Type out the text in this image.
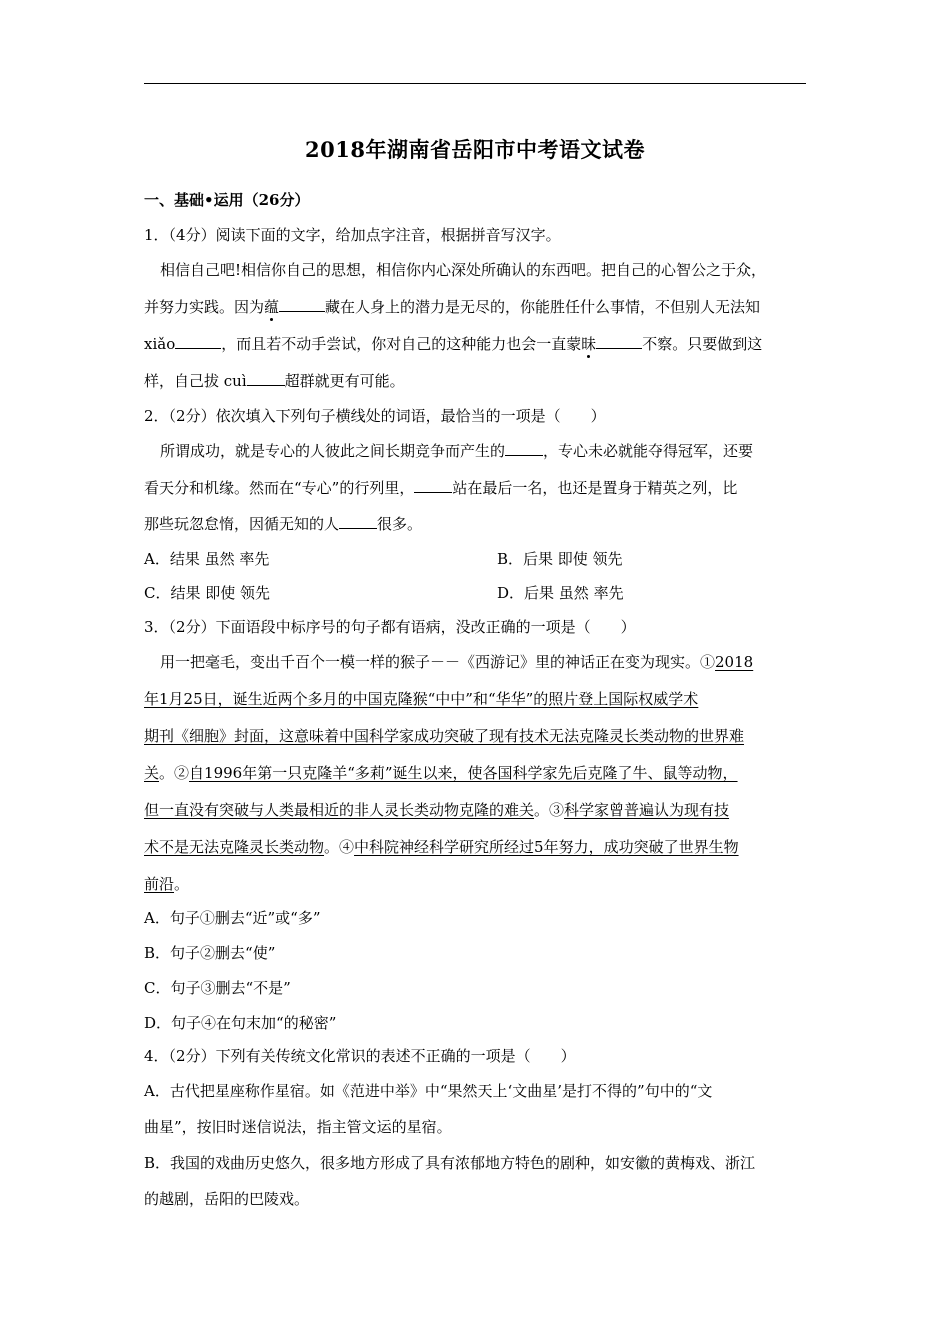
2018年湖南省岳阳市中考语文试卷
一、基础•运用（26分）
1．（4分）阅读下面的文字，给加点字注音，根据拼音写汉字。
相信自己吧!相信你自己的思想，相信你内心深处所确认的东西吧。把自己的心智公之于众，
并努力实践。因为蕴	藏在人身上的潜力是无尽的，你能胜任什么事情，不但别人无法知
xiǎo	，而且若不动手尝试，你对自己的这种能力也会一直蒙昧	不察。只要做到这
样，自己拔 cuì	超群就更有可能。
2．（2分）依次填入下列句子横线处的词语，最恰当的一项是（　　）
所谓成功，就是专心的人彼此之间长期竞争而产生的	，专心未必就能夺得冠军，还要
看天分和机缘。然而在“专心”的行列里，	站在最后一名，也还是置身于精英之列，比
那些玩忽怠惰，因循无知的人	很多。
A．结果 虽然 率先	B．后果 即使 领先
C．结果 即使 领先	D．后果 虽然 率先
3．（2分）下面语段中标序号的句子都有语病，没改正确的一项是（　　）
用一把毫毛，变出千百个一模一样的猴子－－《西游记》里的神话正在变为现实。①2018
年1月25日，诞生近两个多月的中国克隆猴“中中”和“华华”的照片登上国际权威学术
期刊《细胞》封面，这意味着中国科学家成功突破了现有技术无法克隆灵长类动物的世界难
关。②自1996年第一只克隆羊“多莉”诞生以来，使各国科学家先后克隆了牛、鼠等动物，
但一直没有突破与人类最相近的非人灵长类动物克隆的难关。③科学家曾普遍认为现有技
术不是无法克隆灵长类动物。④中科院神经科学研究所经过5年努力，成功突破了世界生物
前沿。
A．句子①删去“近”或“多”
B．句子②删去“使”
C．句子③删去“不是”
D．句子④在句末加“的秘密”
4．（2分）下列有关传统文化常识的表述不正确的一项是（　　）
A．古代把星座称作星宿。如《范进中举》中“果然天上‘文曲星’是打不得的”句中的“文
曲星”，按旧时迷信说法，指主管文运的星宿。
B．我国的戏曲历史悠久，很多地方形成了具有浓郁地方特色的剧种，如安徽的黄梅戏、浙江
的越剧，岳阳的巴陵戏。
